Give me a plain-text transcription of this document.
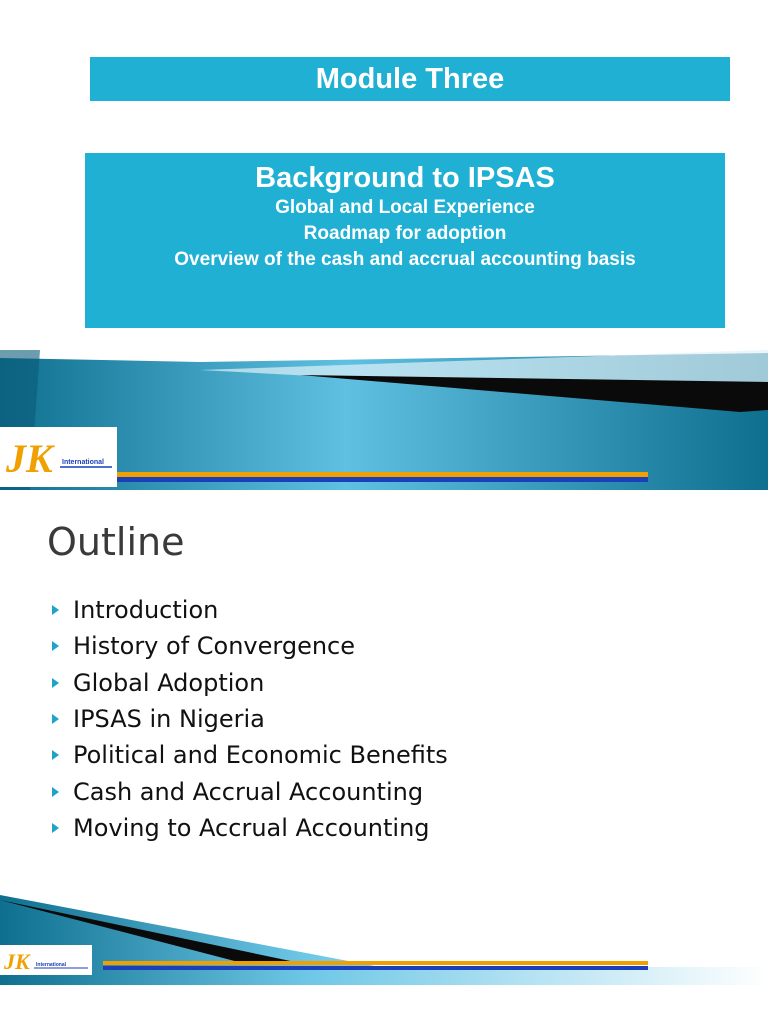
Module Three
Background to IPSAS
Global and Local Experience
Roadmap for adoption
Overview of the cash and accrual accounting basis
JK	International
Outline
Introduction
History of Convergence
Global Adoption
IPSAS in Nigeria
Political and Economic Benefits
Cash and Accrual Accounting
Moving to Accrual Accounting
JK International
